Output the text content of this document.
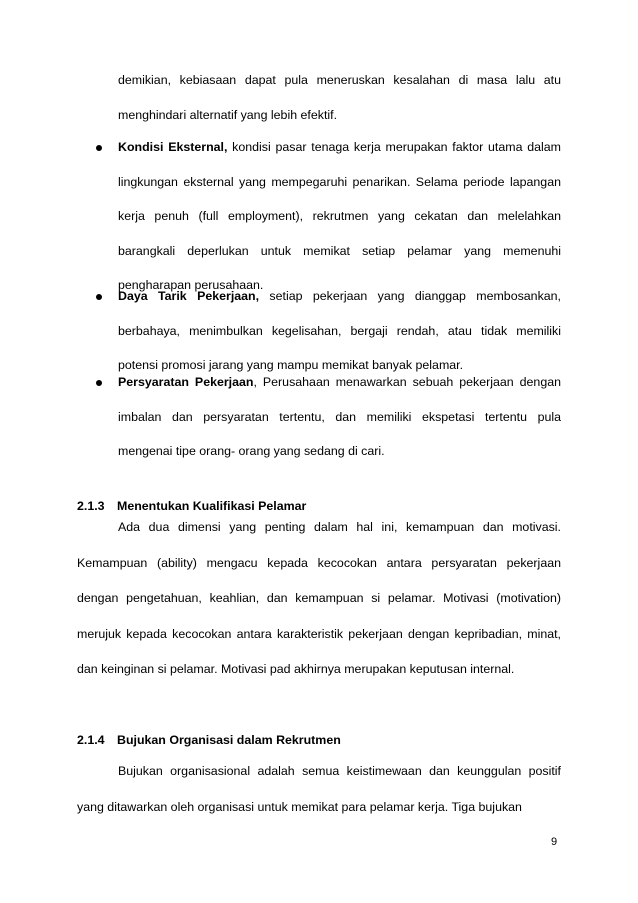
demikian, kebiasaan dapat pula meneruskan kesalahan di masa lalu atu menghindari alternatif yang lebih efektif.

Kondisi Eksternal, kondisi pasar tenaga kerja merupakan faktor utama dalam lingkungan eksternal yang mempegaruhi penarikan. Selama periode lapangan kerja penuh (full employment), rekrutmen yang cekatan dan melelahkan barangkali deperlukan untuk memikat setiap pelamar yang memenuhi pengharapan perusahaan.

Daya Tarik Pekerjaan, setiap pekerjaan yang dianggap membosankan, berbahaya, menimbulkan kegelisahan, bergaji rendah, atau tidak memiliki potensi promosi jarang yang mampu memikat banyak pelamar.

Persyaratan Pekerjaan, Perusahaan menawarkan sebuah pekerjaan dengan imbalan dan persyaratan tertentu, dan memiliki ekspetasi tertentu pula mengenai tipe orang- orang yang sedang di cari.

2.1.3 Menentukan Kualifikasi Pelamar

Ada dua dimensi yang penting dalam hal ini, kemampuan dan motivasi. Kemampuan (ability) mengacu kepada kecocokan antara persyaratan pekerjaan dengan pengetahuan, keahlian, dan kemampuan si pelamar. Motivasi (motivation) merujuk kepada kecocokan antara karakteristik pekerjaan dengan kepribadian, minat, dan keinginan si pelamar. Motivasi pad akhirnya merupakan keputusan internal.

2.1.4 Bujukan Organisasi dalam Rekrutmen

Bujukan organisasional adalah semua keistimewaan dan keunggulan positif yang ditawarkan oleh organisasi untuk memikat para pelamar kerja. Tiga bujukan

9
